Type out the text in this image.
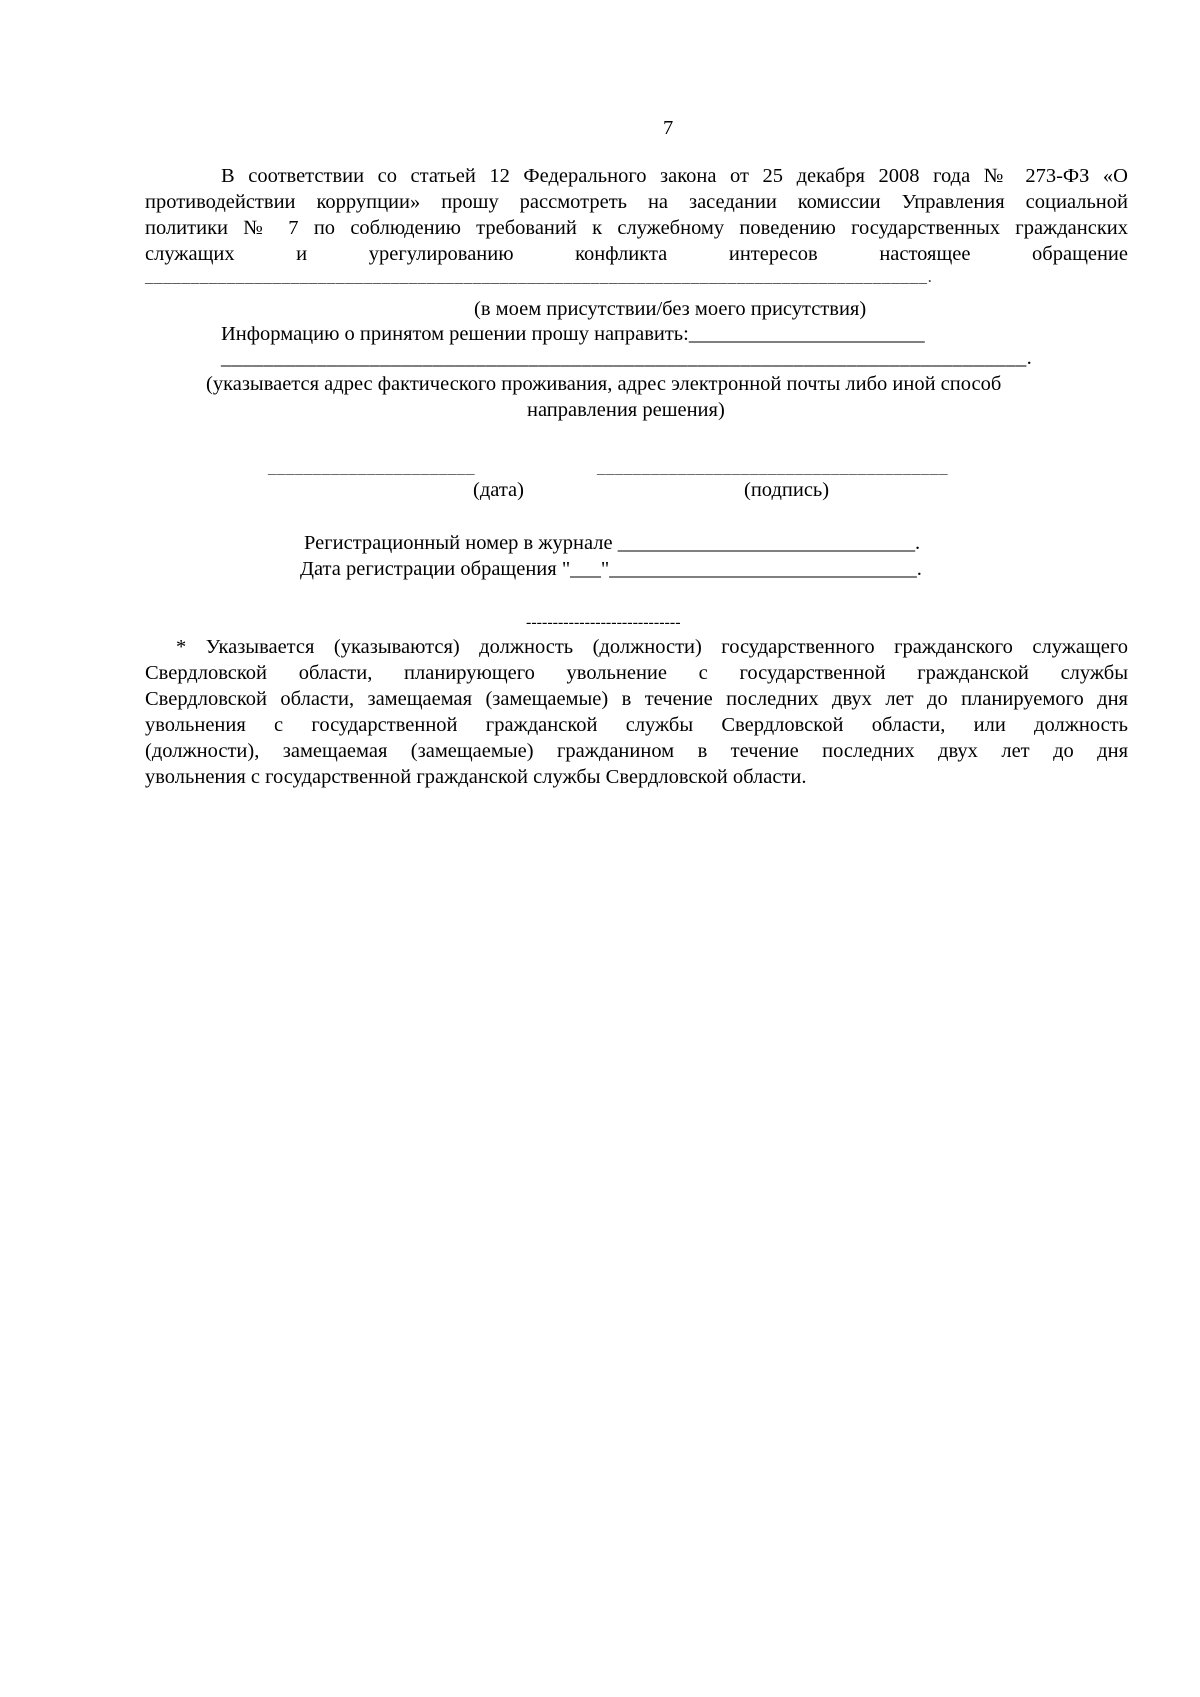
7
В соответствии со статьей 12 Федерального закона от 25 декабря 2008 года № 273-ФЗ «О
противодействии коррупции» прошу рассмотреть на заседании комиссии Управления социальной
политики № 7 по соблюдению требований к служебному поведению государственных гражданских
служащих и урегулированию конфликта интересов настоящее обращение
______________________________________________________________________________________.
(в моем присутствии/без моего присутствия)
Информацию о принятом решении прошу направить:_______________________
____________________________________________________________________________.
(указывается адрес фактического проживания, адрес электронной почты либо иной способ
направления решения)
_______________________	_______________________________________
(дата)	(подпись)
Регистрационный номер в журнале _____________________________.
Дата регистрации обращения "___"______________________________.
-----------------------------
* Указывается (указываются) должность (должности) государственного гражданского служащего
Свердловской области, планирующего увольнение с государственной гражданской службы
Свердловской области, замещаемая (замещаемые) в течение последних двух лет до планируемого дня
увольнения с государственной гражданской службы Свердловской области, или должность
(должности), замещаемая (замещаемые) гражданином в течение последних двух лет до дня
увольнения с государственной гражданской службы Свердловской области.
